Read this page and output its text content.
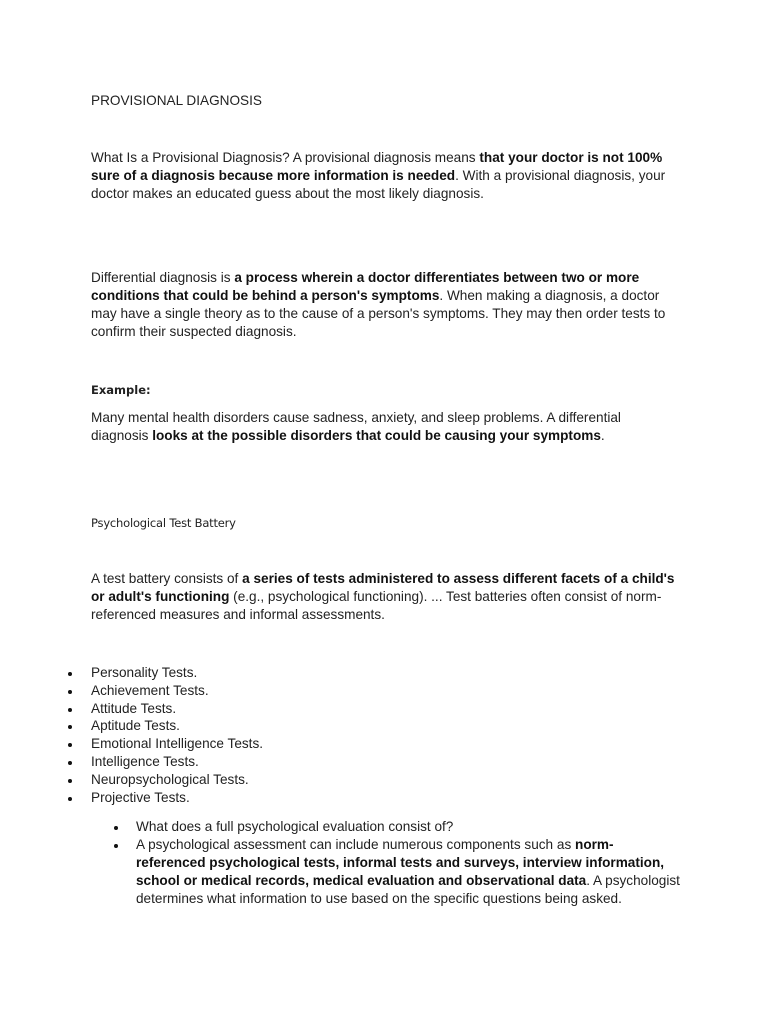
PROVISIONAL DIAGNOSIS

What Is a Provisional Diagnosis? A provisional diagnosis means that your doctor is not 100% sure of a diagnosis because more information is needed. With a provisional diagnosis, your doctor makes an educated guess about the most likely diagnosis.

Differential diagnosis is a process wherein a doctor differentiates between two or more conditions that could be behind a person's symptoms. When making a diagnosis, a doctor may have a single theory as to the cause of a person's symptoms. They may then order tests to confirm their suspected diagnosis.

Example:

Many mental health disorders cause sadness, anxiety, and sleep problems. A differential diagnosis looks at the possible disorders that could be causing your symptoms.

Psychological Test Battery

A test battery consists of a series of tests administered to assess different facets of a child's or adult's functioning (e.g., psychological functioning). ... Test batteries often consist of norm-referenced measures and informal assessments.

Personality Tests.
Achievement Tests.
Attitude Tests.
Aptitude Tests.
Emotional Intelligence Tests.
Intelligence Tests.
Neuropsychological Tests.
Projective Tests.
What does a full psychological evaluation consist of?
A psychological assessment can include numerous components such as norm-referenced psychological tests, informal tests and surveys, interview information, school or medical records, medical evaluation and observational data. A psychologist determines what information to use based on the specific questions being asked.
